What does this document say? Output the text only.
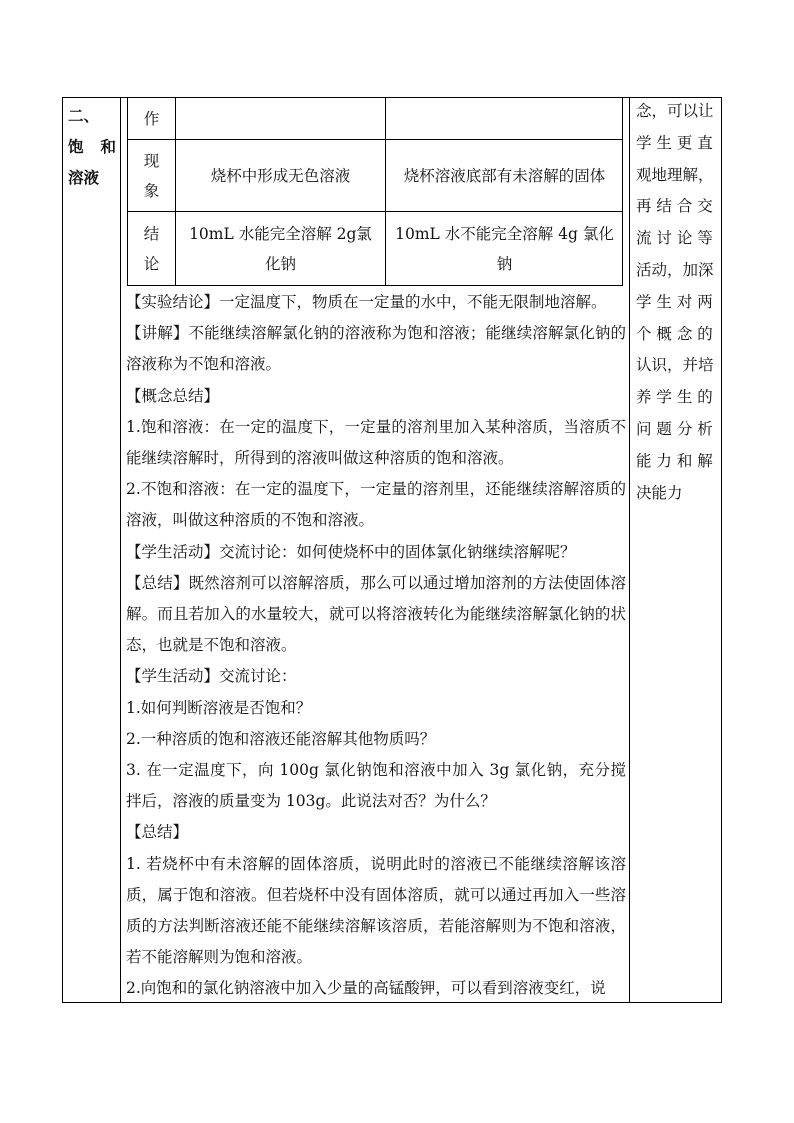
二、
饱 和
溶液
念，可以让
学 生 更 直
观地理解，
再 结 合 交
流 讨 论 等
活动，加深
学 生 对 两
个 概 念 的
认识，并培
养 学 生 的
问 题 分 析
能 力 和 解
决能力
作
现
象
烧杯中形成无色溶液	烧杯溶液底部有未溶解的固体
结
论
10mL 水能完全溶解 2g氯化钠
10mL 水不能完全溶解 4g 氯化钠

【实验结论】一定温度下，物质在一定量的水中，不能无限制地溶解。

【讲解】不能继续溶解氯化钠的溶液称为饱和溶液；能继续溶解氯化钠的溶液称为不饱和溶液。

【概念总结】

1.饱和溶液：在一定的温度下，一定量的溶剂里加入某种溶质，当溶质不能继续溶解时，所得到的溶液叫做这种溶质的饱和溶液。

2.不饱和溶液：在一定的温度下，一定量的溶剂里，还能继续溶解溶质的溶液，叫做这种溶质的不饱和溶液。

【学生活动】交流讨论：如何使烧杯中的固体氯化钠继续溶解呢？

【总结】既然溶剂可以溶解溶质，那么可以通过增加溶剂的方法使固体溶解。而且若加入的水量较大，就可以将溶液转化为能继续溶解氯化钠的状态，也就是不饱和溶液。

【学生活动】交流讨论：

1.如何判断溶液是否饱和？

2.一种溶质的饱和溶液还能溶解其他物质吗？

3. 在一定温度下，向 100g 氯化钠饱和溶液中加入 3g 氯化钠，充分搅拌后，溶液的质量变为 103g。此说法对否？为什么？

【总结】

1. 若烧杯中有未溶解的固体溶质，说明此时的溶液已不能继续溶解该溶质，属于饱和溶液。但若烧杯中没有固体溶质，就可以通过再加入一些溶质的方法判断溶液还能不能继续溶解该溶质，若能溶解则为不饱和溶液，若不能溶解则为饱和溶液。

2.向饱和的氯化钠溶液中加入少量的高锰酸钾，可以看到溶液变红，说
